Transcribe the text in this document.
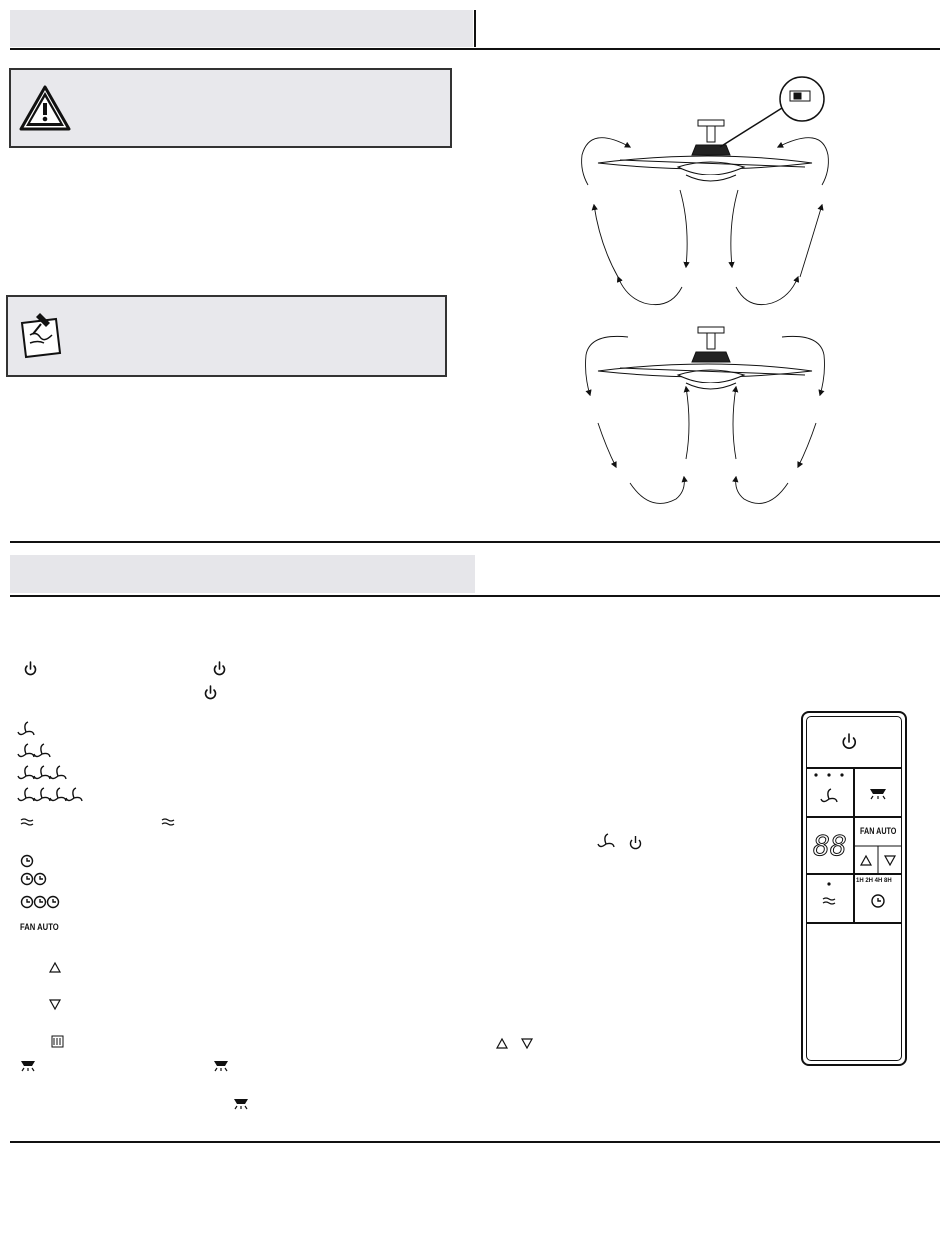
FAN AUTO
88	FAN AUTO
1H 2H 4H 8H
